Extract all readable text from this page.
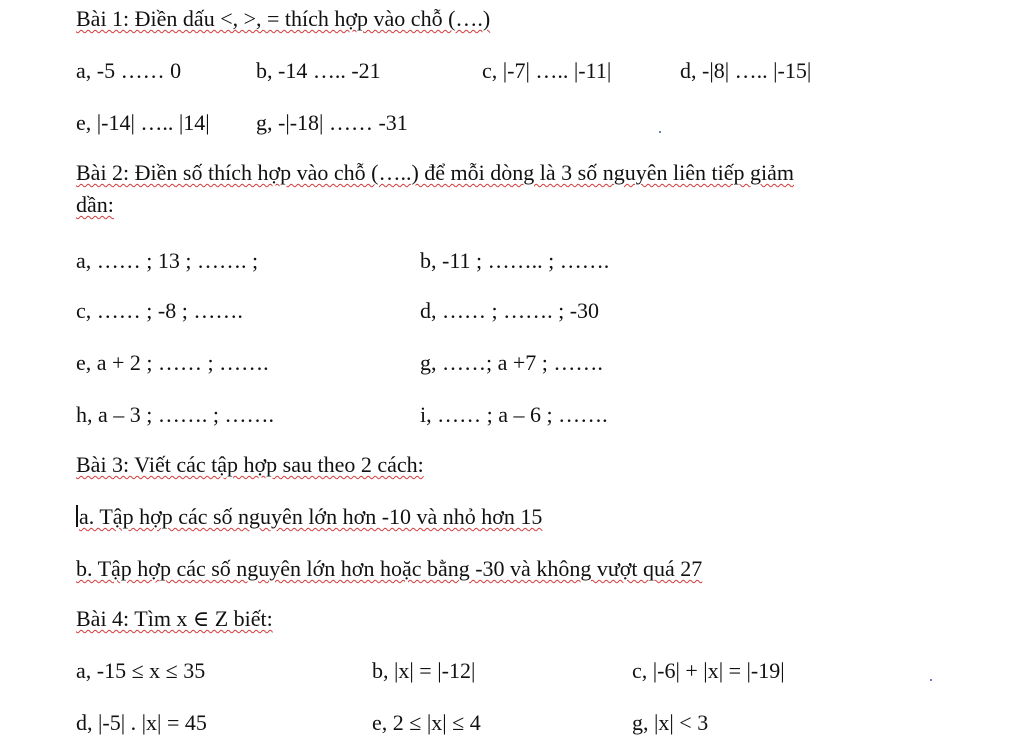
Bài 1: Điền dấu <, >, = thích hợp vào chỗ (….)
a, -5 …… 0	b, -14 ….. -21	c, |-7| ….. |-11|	d, -|8| ….. |-15|
e, |-14| ….. |14| g, -|-18| …… -31
Bài 2: Điền số thích hợp vào chỗ (…..) để mỗi dòng là 3 số nguyên liên tiếp giảm
dần:
a, …… ; 13 ; ……. ;	b, -11 ; …….. ; …….
c, …… ; -8 ; …….	d, …… ; ……. ; -30
e, a + 2 ; …… ; …….	g, ……; a +7 ; …….
h, a – 3 ; ……. ; …….	i, …… ; a – 6 ; …….
Bài 3: Viết các tập hợp sau theo 2 cách:
a. Tập hợp các số nguyên lớn hơn -10 và nhỏ hơn 15
b. Tập hợp các số nguyên lớn hơn hoặc bằng -30 và không vượt quá 27
Bài 4: Tìm x ∈ Z biết:
a, -15 ≤ x ≤ 35	b, |x| = |-12|	c, |-6| + |x| = |-19|
d, |-5| . |x| = 45	e, 2 ≤ |x| ≤ 4	g, |x| < 3
